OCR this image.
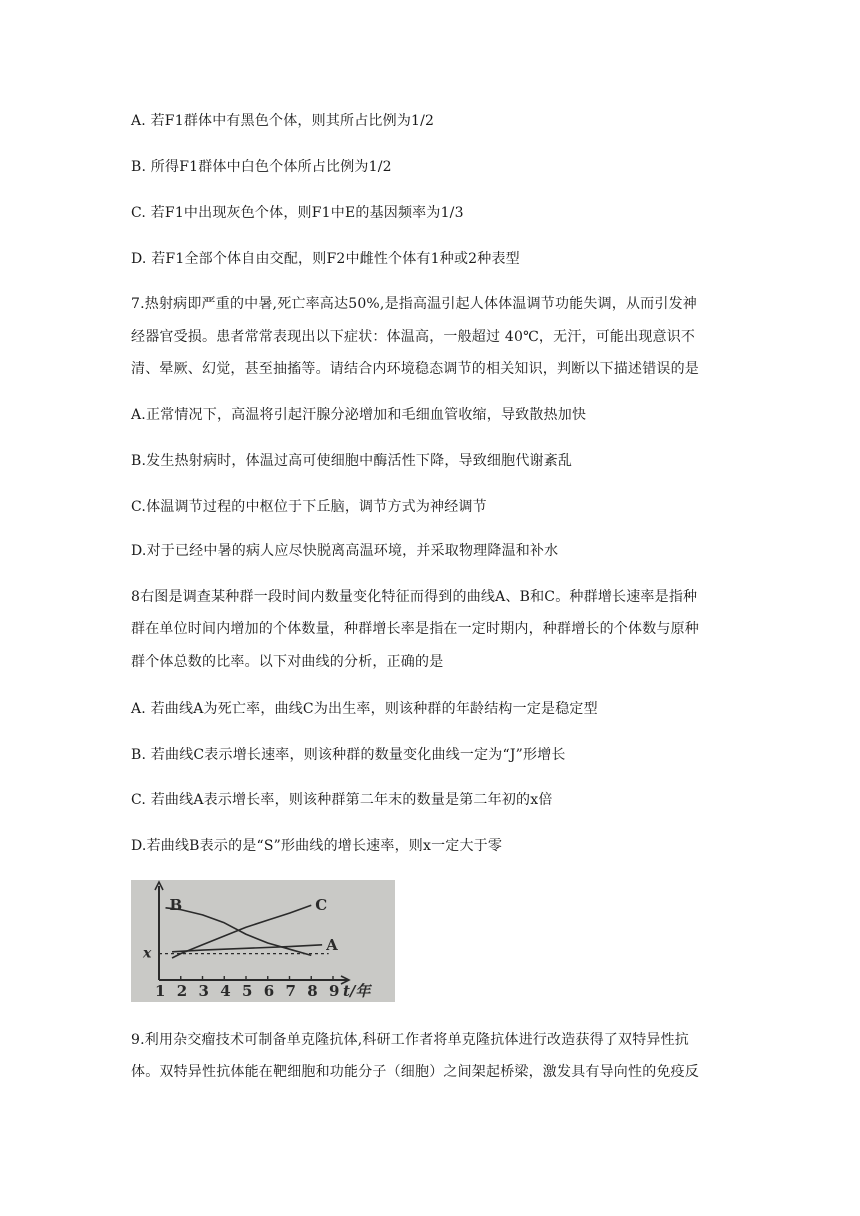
A. 若F1群体中有黑色个体，则其所占比例为1/2
B. 所得F1群体中白色个体所占比例为1/2
C. 若F1中出现灰色个体，则F1中E的基因频率为1/3
D. 若F1全部个体自由交配，则F2中雌性个体有1种或2种表型
7.热射病即严重的中暑,死亡率高达50%,是指高温引起人体体温调节功能失调，从而引发神
经器官受损。患者常常表现出以下症状：体温高，一般超过 40℃，无汗，可能出现意识不
清、晕厥、幻觉，甚至抽搐等。请结合内环境稳态调节的相关知识，判断以下描述错误的是
A.正常情况下，高温将引起汗腺分泌增加和毛细血管收缩，导致散热加快
B.发生热射病时，体温过高可使细胞中酶活性下降，导致细胞代谢紊乱
C.体温调节过程的中枢位于下丘脑，调节方式为神经调节
D.对于已经中暑的病人应尽快脱离高温环境，并采取物理降温和补水
8右图是调查某种群一段时间内数量变化特征而得到的曲线A、B和C。种群增长速率是指种
群在单位时间内增加的个体数量，种群增长率是指在一定时期内，种群增长的个体数与原种
群个体总数的比率。以下对曲线的分析，正确的是
A. 若曲线A为死亡率，曲线C为出生率，则该种群的年龄结构一定是稳定型
B. 若曲线C表示增长速率，则该种群的数量变化曲线一定为“J”形增长
C. 若曲线A表示增长率，则该种群第二年末的数量是第二年初的x倍
D.若曲线B表示的是“S”形曲线的增长速率，则x一定大于零
1 2 3 4 5 6 7 8 9 t/年
x
B	C
A
9.利用杂交瘤技术可制备单克隆抗体,科研工作者将单克隆抗体进行改造获得了双特异性抗
体。双特异性抗体能在靶细胞和功能分子（细胞）之间架起桥梁，激发具有导向性的免疫反
